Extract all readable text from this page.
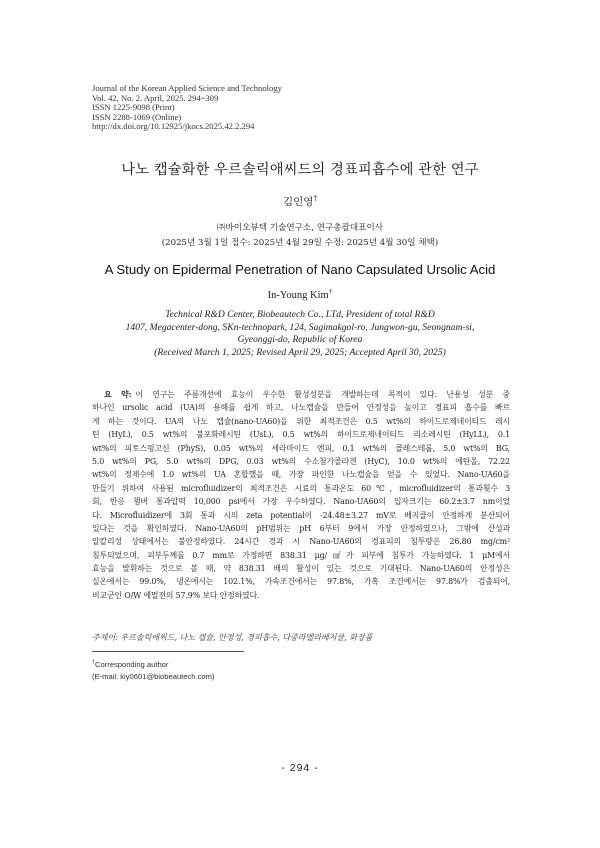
Journal of the Korean Applied Science and Technology
Vol. 42, No. 2. April, 2025. 294~309
ISSN 1225-9098 (Print)
ISSN 2288-1069 (Online)
http://dx.doi.org/10.12925/jkocs.2025.42.2.294
나노 캡슐화한 우르솔릭애씨드의 경표피흡수에 관한 연구
김인영†
㈜바이오뷰텍 기술연구소, 연구총괄대표이사
(2025년 3월 1일 접수: 2025년 4월 29일 수정: 2025년 4월 30일 채택)
A Study on Epidermal Penetration of Nano Capsulated Ursolic Acid
In-Young Kim†
Technical R&D Center, Biobeautech Co., LTd, President of total R&D
1407, Megacenter-dong, SKn-technopark, 124, Sagimakgol-ro, Jungwon-gu, Seongnam-si,
Gyeonggi-do, Republic of Korea
(Received March 1, 2025; Revised April 29, 2025; Accepted April 30, 2025)
요 약: 이 연구는 주름개선에 효능이 우수한 활성성분을 개발하는데 목적이 있다. 난용성 성분 중
하나인 ursolic acid (UA)의 용해를 쉽게 하고, 나노캡슐을 만들어 안정성을 높이고 경표피 흡수를 빠르
게 하는 것이다. UA의 나노 캡슐(nano-UA60)을 위한 최적조건은 0.5 wt%의 하이드로제네이티드 레시
틴 (HyL), 0.5 wt%의 불포화레시틴 (UsL), 0.5 wt%의 하이드로제네이티드 리소레시틴 (HyLL), 0.1
wt%의 피토스핑고신 (PhyS), 0.05 wt%의 세라마이드 엔피, 0.1 wt%의 콜레스테롤, 5.0 wt%의 BG,
5.0 wt%의 PG, 5.0 wt%의 DPG, 0.03 wt%의 수소첨가콜라겐 (HyC), 10.0 wt%의 에탄올, 72.22
wt%의 정제수에 1.0 wt%의 UA 혼합했을 때, 가장 파인한 나노캡슐을 얻을 수 있었다. Nano-UA60을
만들기 위하여 사용된 microfluidizer의 최적조건은 시료의 통과온도 60℃, microfluidizer의 통과횟수 3
회, 반응 챔버 통과압력 10,000 psi에서 가장 우수하였다. Nano-UA60의 입자크기는 60.2±3.7 nm이었
다. Microfluidizer에 3회 통과 시의 zeta potential이 -24.48±3.27 mV로 베지클이 안정하게 분산되어
있다는 것을 확인하였다. Nano-UA60의 pH범위는 pH 6부터 9에서 가장 안정하였으나, 그밖에 산성과
알칼리성 상태에서는 불안정하였다. 24시간 경과 시 Nano-UA60의 경표피의 침투량은 26.80 mg/cm²
침투되었으며, 피부두께를 0.7 mm로 가정하면 838.31 μg/㎠가 피부에 침투가 가능하였다. 1 μM에서
효능을 발휘하는 것으로 볼 때, 약 838.31 배의 활성이 있는 것으로 기대된다. Nano-UA60의 안정성은
실온에서는 99.0%, 냉온에서는 102.1%, 가속조건에서는 97.8%, 가혹 조건에서는 97.8%가 검출되어,
비교군인 O/W 에멀젼의 57.9% 보다 안정하였다.
주제어: 우르솔릭애씨드, 나노 캡슐, 안정성, 경피흡수, 다중라멜라베지클, 화장품
†Corresponding author
(E-mail: kiy0601@biobeautech.com)
- 294 -
